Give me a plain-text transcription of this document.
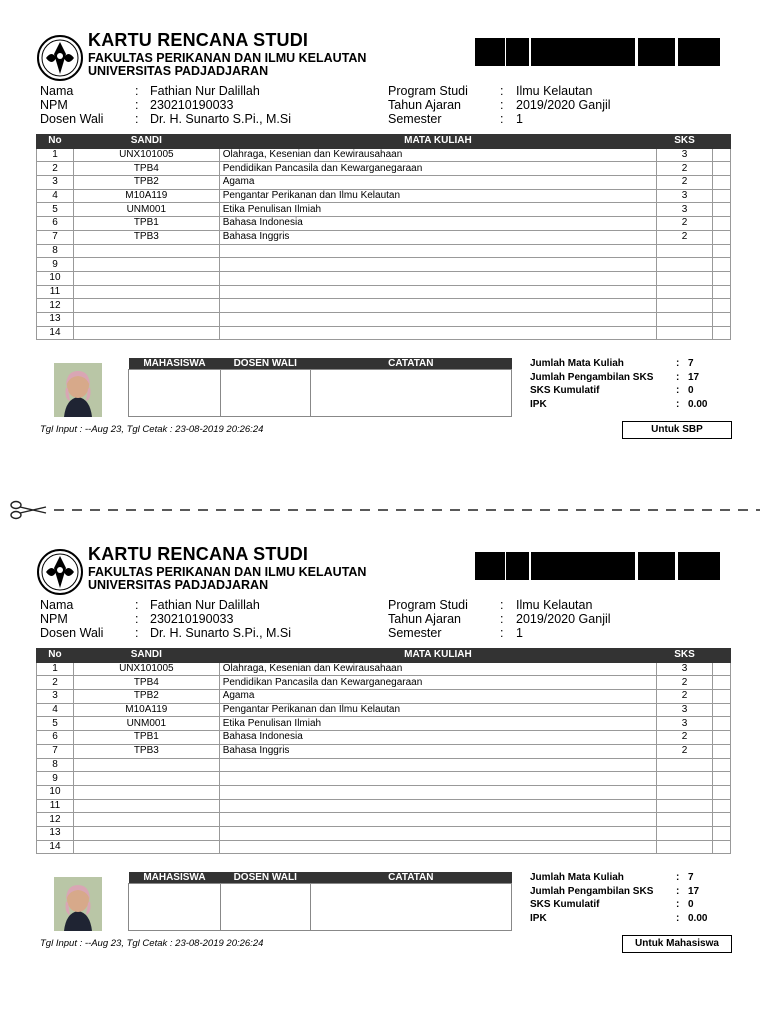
KARTU RENCANA STUDI
FAKULTAS PERIKANAN DAN ILMU KELAUTAN
UNIVERSITAS PADJADJARAN	288A6DA004
Nama	: Fathian Nur Dalillah
NPM	: 230210190033
Dosen Wali	: Dr. H. Sunarto S.Pi., M.Si
Program Studi	: Ilmu Kelautan
Tahun Ajaran	: 2019/2020 Ganjil
Semester	: 1
No	SANDI	MATA KULIAH	SKS	
1	UNX101005	Olahraga, Kesenian dan Kewirausahaan	3	
2	TPB4	Pendidikan Pancasila dan Kewarganegaraan	2	
3	TPB2	Agama	2	
4	M10A119	Pengantar Perikanan dan Ilmu Kelautan	3	
5	UNM001	Etika Penulisan Ilmiah	3	
6	TPB1	Bahasa Indonesia	2	
7	TPB3	Bahasa Inggris	2	
8				
9				
10				
11				
12				
13				
14				
MAHASISWA	DOSEN WALI	CATATAN
			Jumlah Mata Kuliah	: 7
Jumlah Pengambilan SKS : 17
SKS Kumulatif	: 0
IPK	: 0.00
Tgl Input : --Aug 23, Tgl Cetak : 23-08-2019 20:26:24	Untuk SBP
KARTU RENCANA STUDI
FAKULTAS PERIKANAN DAN ILMU KELAUTAN
UNIVERSITAS PADJADJARAN	288A6DA004
Nama	: Fathian Nur Dalillah
NPM	: 230210190033
Dosen Wali	: Dr. H. Sunarto S.Pi., M.Si
Program Studi	: Ilmu Kelautan
Tahun Ajaran	: 2019/2020 Ganjil
Semester	: 1
No	SANDI	MATA KULIAH	SKS	
1	UNX101005	Olahraga, Kesenian dan Kewirausahaan	3	
2	TPB4	Pendidikan Pancasila dan Kewarganegaraan	2	
3	TPB2	Agama	2	
4	M10A119	Pengantar Perikanan dan Ilmu Kelautan	3	
5	UNM001	Etika Penulisan Ilmiah	3	
6	TPB1	Bahasa Indonesia	2	
7	TPB3	Bahasa Inggris	2	
8				
9				
10				
11				
12				
13				
14				
MAHASISWA	DOSEN WALI	CATATAN
			Jumlah Mata Kuliah	: 7
Jumlah Pengambilan SKS : 17
SKS Kumulatif	: 0
IPK	: 0.00
Tgl Input : --Aug 23, Tgl Cetak : 23-08-2019 20:26:24	Untuk Mahasiswa
